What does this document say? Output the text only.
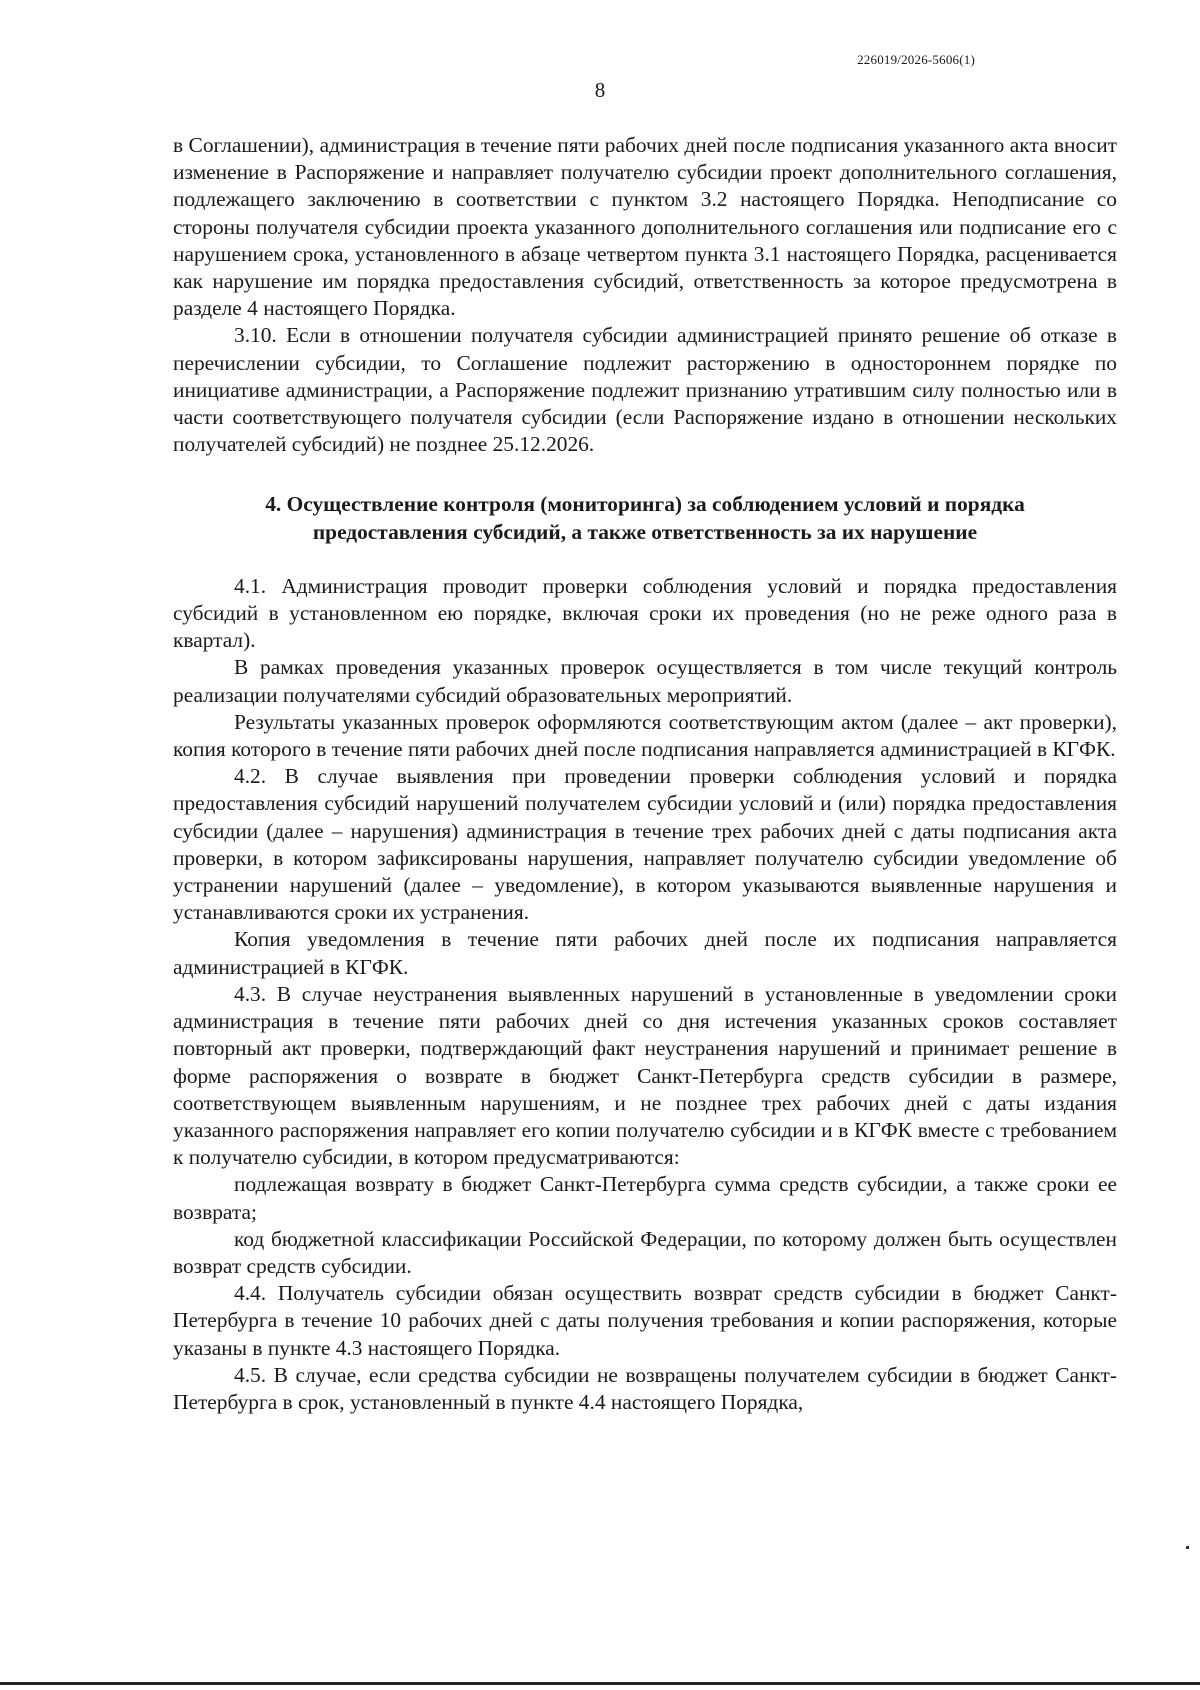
226019/2026-5606(1)
8

в Соглашении), администрация в течение пяти рабочих дней после подписания указанного акта вносит изменение в Распоряжение и направляет получателю субсидии проект дополнительного соглашения, подлежащего заключению в соответствии с пунктом 3.2 настоящего Порядка. Неподписание со стороны получателя субсидии проекта указанного дополнительного соглашения или подписание его с нарушением срока, установленного в абзаце четвертом пункта 3.1 настоящего Порядка, расценивается как нарушение им порядка предоставления субсидий, ответственность за которое предусмотрена в разделе 4 настоящего Порядка.

3.10. Если в отношении получателя субсидии администрацией принято решение об отказе в перечислении субсидии, то Соглашение подлежит расторжению в одностороннем порядке по инициативе администрации, а Распоряжение подлежит признанию утратившим силу полностью или в части соответствующего получателя субсидии (если Распоряжение издано в отношении нескольких получателей субсидий) не позднее 25.12.2026.

4. Осуществление контроля (мониторинга) за соблюдением условий и порядка предоставления субсидий, а также ответственность за их нарушение

4.1. Администрация проводит проверки соблюдения условий и порядка предоставления субсидий в установленном ею порядке, включая сроки их проведения (но не реже одного раза в квартал).

В рамках проведения указанных проверок осуществляется в том числе текущий контроль реализации получателями субсидий образовательных мероприятий.

Результаты указанных проверок оформляются соответствующим актом (далее – акт проверки), копия которого в течение пяти рабочих дней после подписания направляется администрацией в КГФК.

4.2. В случае выявления при проведении проверки соблюдения условий и порядка предоставления субсидий нарушений получателем субсидии условий и (или) порядка предоставления субсидии (далее – нарушения) администрация в течение трех рабочих дней с даты подписания акта проверки, в котором зафиксированы нарушения, направляет получателю субсидии уведомление об устранении нарушений (далее – уведомление), в котором указываются выявленные нарушения и устанавливаются сроки их устранения.

Копия уведомления в течение пяти рабочих дней после их подписания направляется администрацией в КГФК.

4.3. В случае неустранения выявленных нарушений в установленные в уведомлении сроки администрация в течение пяти рабочих дней со дня истечения указанных сроков составляет повторный акт проверки, подтверждающий факт неустранения нарушений и принимает решение в форме распоряжения о возврате в бюджет Санкт-Петербурга средств субсидии в размере, соответствующем выявленным нарушениям, и не позднее трех рабочих дней с даты издания указанного распоряжения направляет его копии получателю субсидии и в КГФК вместе с требованием к получателю субсидии, в котором предусматриваются:

подлежащая возврату в бюджет Санкт-Петербурга сумма средств субсидии, а также сроки ее возврата;

код бюджетной классификации Российской Федерации, по которому должен быть осуществлен возврат средств субсидии.

4.4. Получатель субсидии обязан осуществить возврат средств субсидии в бюджет Санкт-Петербурга в течение 10 рабочих дней с даты получения требования и копии распоряжения, которые указаны в пункте 4.3 настоящего Порядка.

4.5. В случае, если средства субсидии не возвращены получателем субсидии в бюджет Санкт-Петербурга в срок, установленный в пункте 4.4 настоящего Порядка,
